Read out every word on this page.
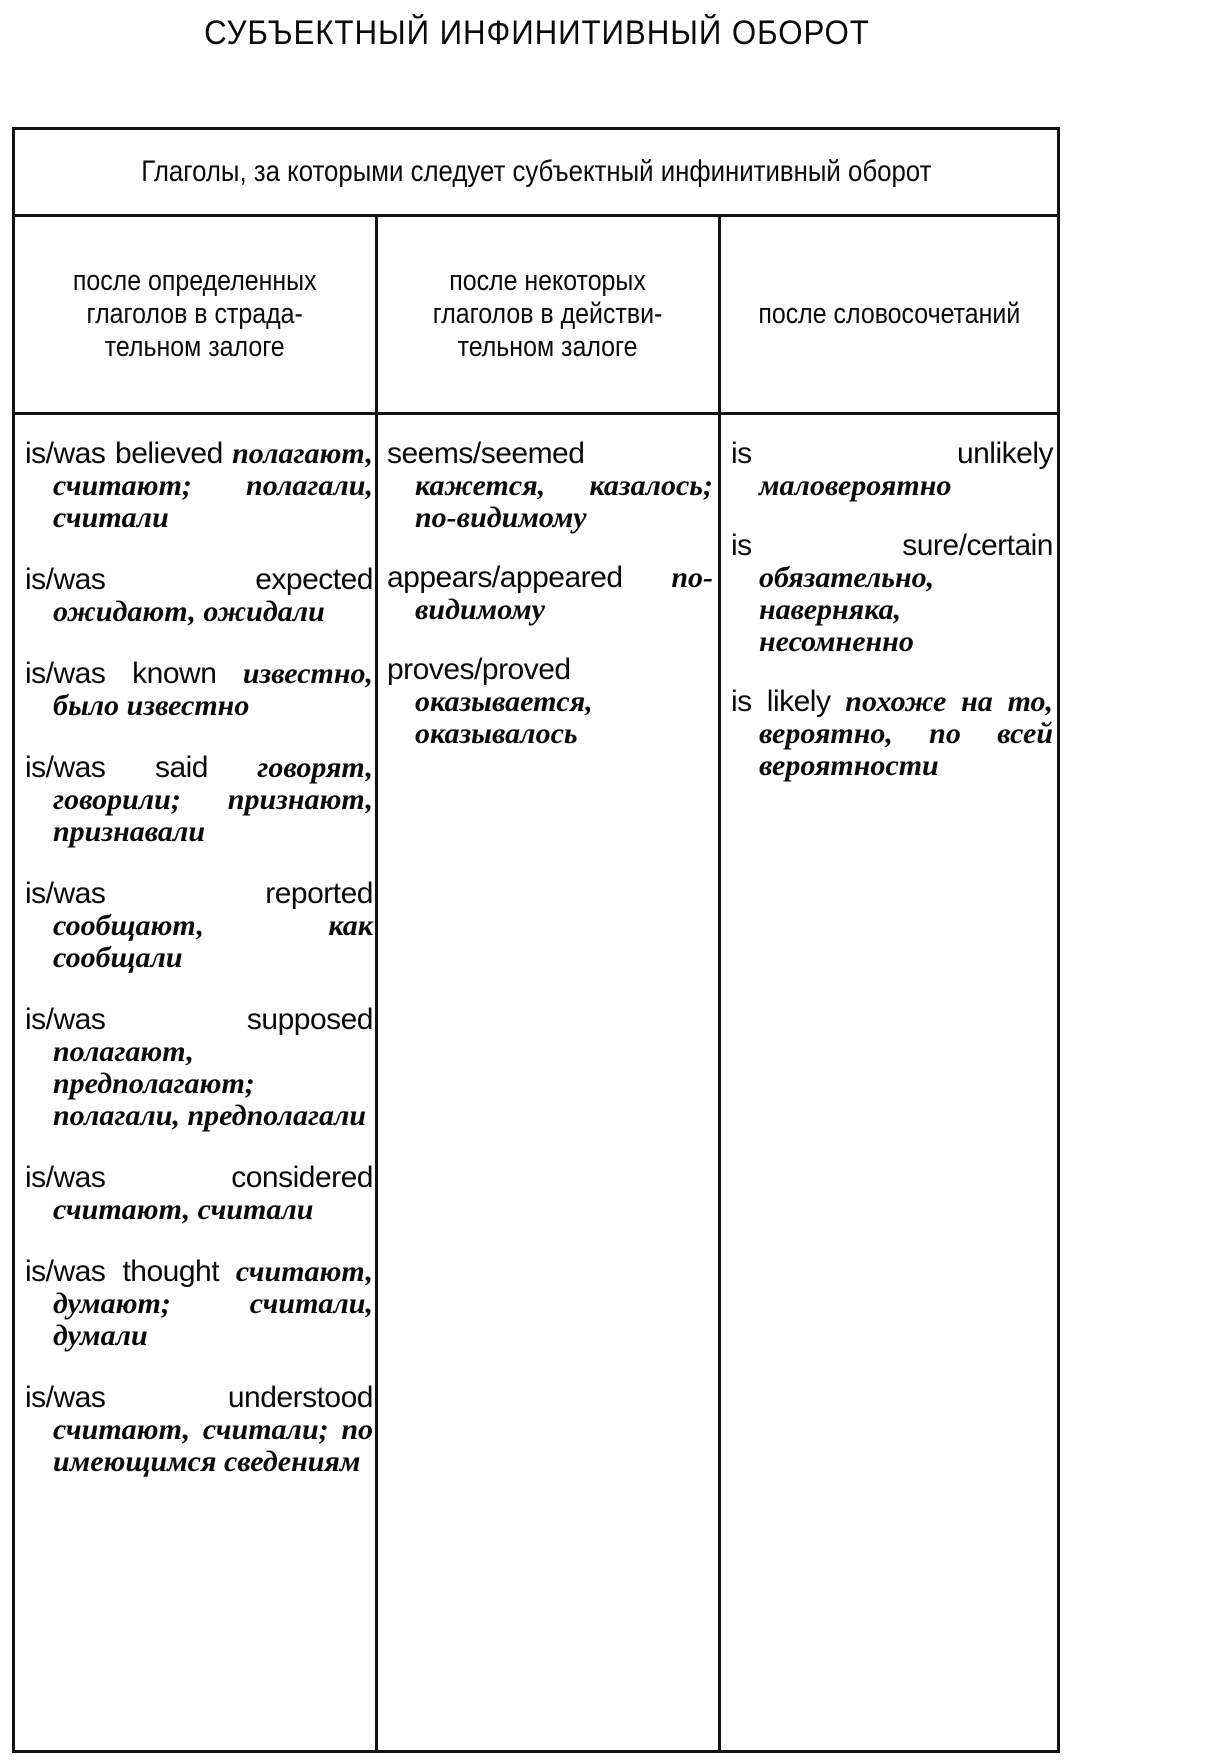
СУБЪЕКТНЫЙ ИНФИНИТИВНЫЙ ОБОРОТ
Глаголы, за которыми следует субъектный инфинитивный оборот
после определенных
глаголов в страда-
тельном залоге
после некоторых
глаголов в действи-
тельном залоге
после словосочетаний
is/was believed полагают, считают; полагали, считали
is/was expected ожидают, ожидали
is/was known известно, было известно
is/was said говорят, говорили; признают, признавали
is/was reported сообщают, как сообщали
is/was supposed полагают, предполагают; полагали, предполагали
is/was considered считают, считали
is/was thought считают, думают; считали, думали
is/was understood считают, считали; по имеющимся сведениям
seems/seemed кажется, казалось; по-видимому
appears/appeared по-видимому
proves/proved оказывается, оказывалось
is unlikely маловероятно
is sure/certain обязательно, наверняка, несомненно
is likely похоже на то, вероятно, по всей вероятности
